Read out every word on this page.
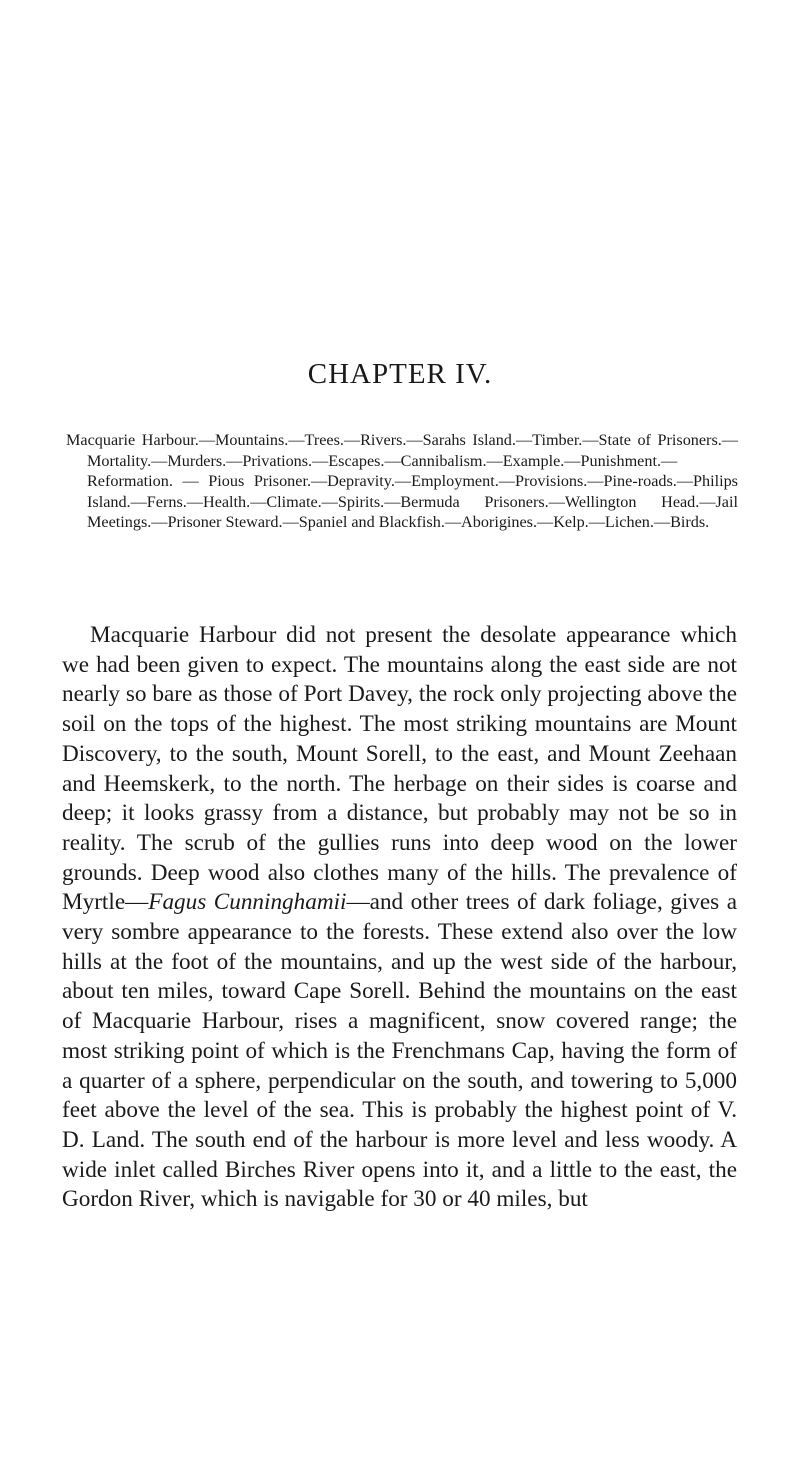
CHAPTER IV.

Macquarie Harbour.—Mountains.—Trees.—Rivers.—Sarahs Island.—Timber.—State of Prisoners.—Mortality.—Murders.—Privations.—Escapes.—Cannibalism.—Example.—Punishment.—Reformation. — Pious Prisoner.—Depravity.—Employment.—Provisions.—Pine-roads.—Philips Island.—Ferns.—Health.—Climate.—Spirits.—Bermuda Prisoners.—Wellington Head.—Jail Meetings.—Prisoner Steward.—Spaniel and Blackfish.—Aborigines.—Kelp.—Lichen.—Birds.

Macquarie Harbour did not present the desolate appearance which we had been given to expect. The mountains along the east side are not nearly so bare as those of Port Davey, the rock only projecting above the soil on the tops of the highest. The most striking mountains are Mount Discovery, to the south, Mount Sorell, to the east, and Mount Zeehaan and Heemskerk, to the north. The herbage on their sides is coarse and deep; it looks grassy from a distance, but probably may not be so in reality. The scrub of the gullies runs into deep wood on the lower grounds. Deep wood also clothes many of the hills. The prevalence of Myrtle—Fagus Cunninghamii—and other trees of dark foliage, gives a very sombre appearance to the forests. These extend also over the low hills at the foot of the mountains, and up the west side of the harbour, about ten miles, toward Cape Sorell. Behind the mountains on the east of Macquarie Harbour, rises a magnificent, snow covered range; the most striking point of which is the Frenchmans Cap, having the form of a quarter of a sphere, perpendicular on the south, and towering to 5,000 feet above the level of the sea. This is probably the highest point of V. D. Land. The south end of the harbour is more level and less woody. A wide inlet called Birches River opens into it, and a little to the east, the Gordon River, which is navigable for 30 or 40 miles, but
